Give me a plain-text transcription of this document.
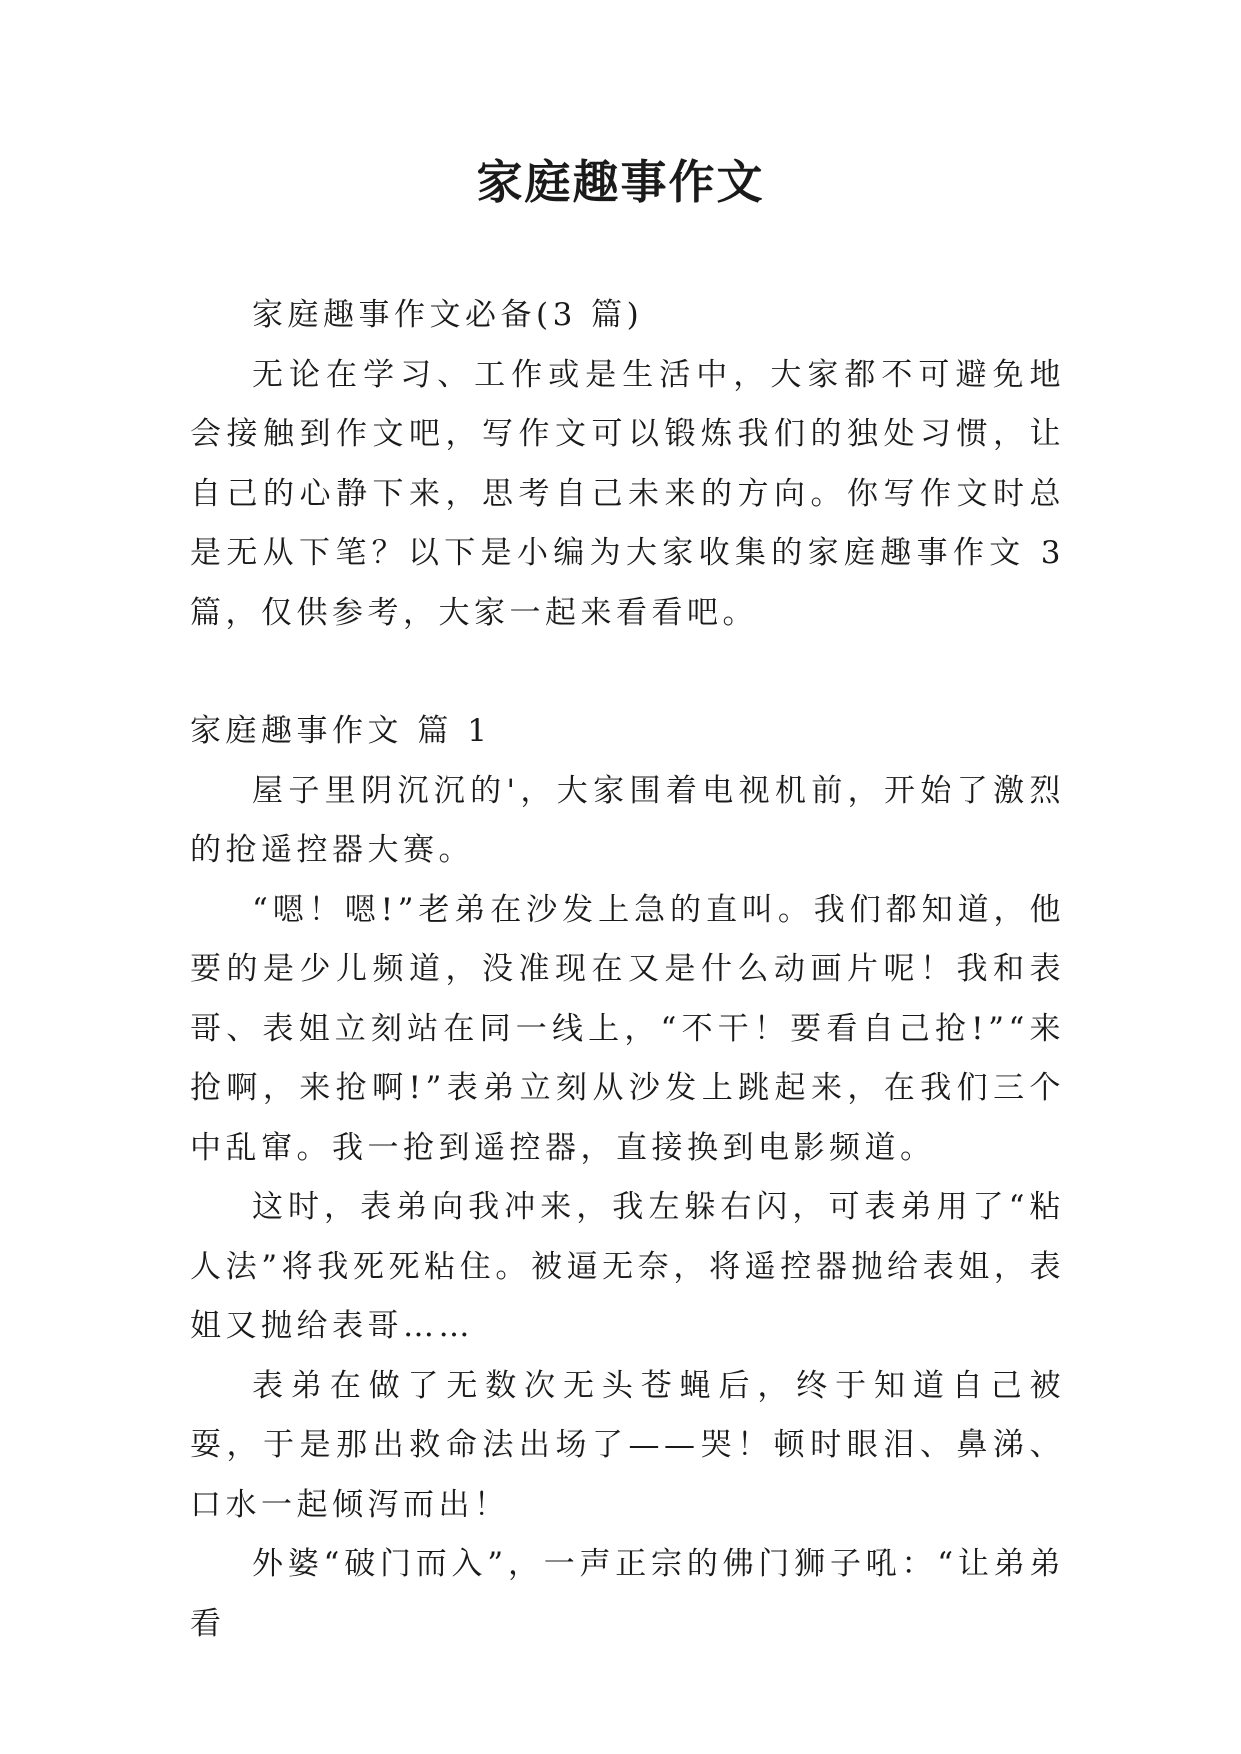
家庭趣事作文

家庭趣事作文必备(3 篇)

无论在学习、工作或是生活中，大家都不可避免地会接触到作文吧，写作文可以锻炼我们的独处习惯，让自己的心静下来，思考自己未来的方向。你写作文时总是无从下笔？以下是小编为大家收集的家庭趣事作文 3 篇，仅供参考，大家一起来看看吧。

家庭趣事作文 篇 1

屋子里阴沉沉的'，大家围着电视机前，开始了激烈的抢遥控器大赛。

“嗯！嗯!”老弟在沙发上急的直叫。我们都知道，他要的是少儿频道，没准现在又是什么动画片呢！我和表哥、表姐立刻站在同一线上，“不干！要看自己抢!”“来抢啊，来抢啊!”表弟立刻从沙发上跳起来，在我们三个中乱窜。我一抢到遥控器，直接换到电影频道。

这时，表弟向我冲来，我左躲右闪，可表弟用了“粘人法”将我死死粘住。被逼无奈，将遥控器抛给表姐，表姐又抛给表哥……

表弟在做了无数次无头苍蝇后，终于知道自己被耍，于是那出救命法出场了——哭！顿时眼泪、鼻涕、口水一起倾泻而出！

外婆“破门而入”，一声正宗的佛门狮子吼：“让弟弟看
